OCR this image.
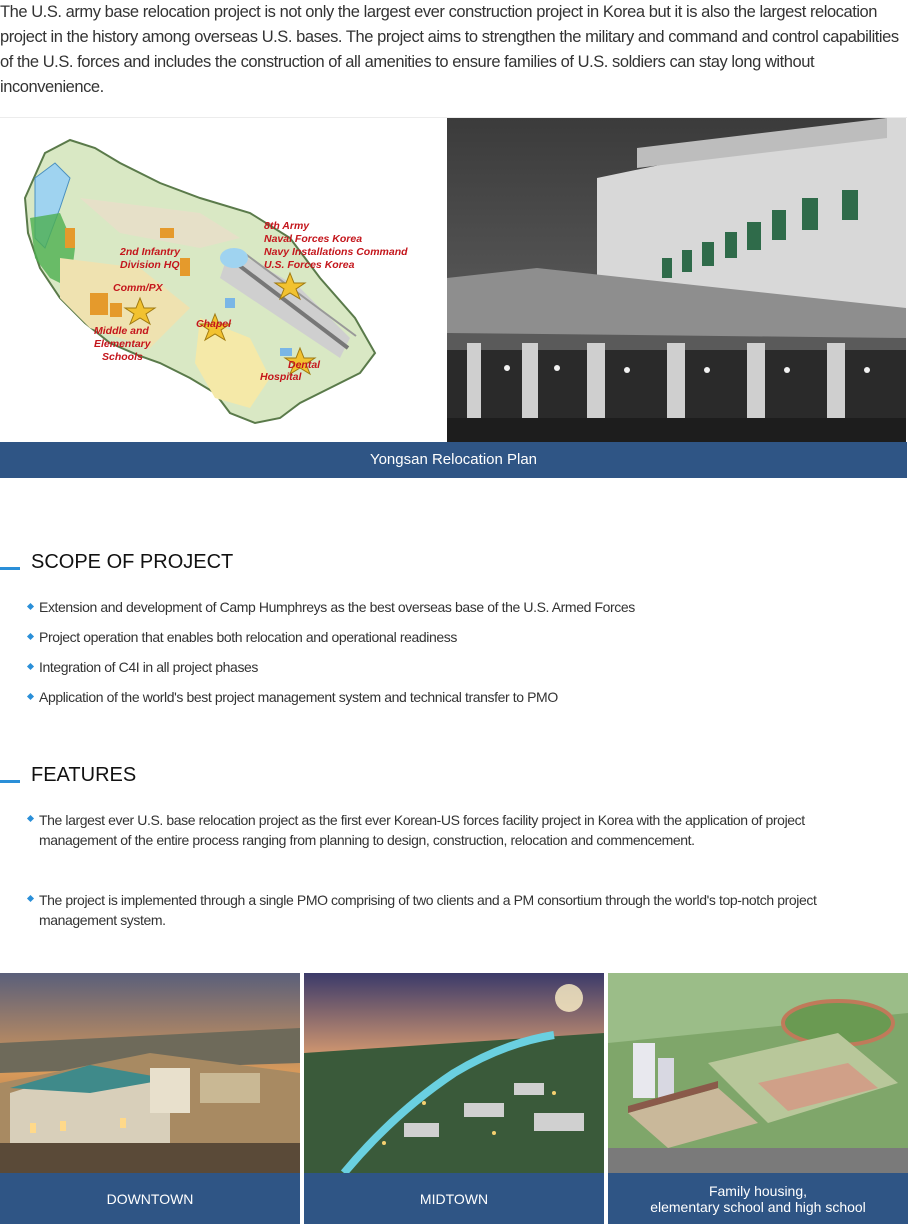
The U.S. army base relocation project is not only the largest ever construction project in Korea but it is also the largest relocation project in the history among overseas U.S. bases. The project aims to strengthen the military and command and control capabilities of the U.S. forces and includes the construction of all amenities to ensure families of U.S. soldiers can stay long without inconvenience.

8th Army
Naval Forces Korea
Navy Installations Command
U.S. Forces Korea
2nd Infantry
Division HQ
Comm/PX
Chapel
Middle and
Elementary
Schools
Dental
Hospital
Yongsan Relocation Plan
SCOPE OF PROJECT
Extension and development of Camp Humphreys as the best overseas base of the U.S. Armed Forces
Project operation that enables both relocation and operational readiness
Integration of C4I in all project phases
Application of the world's best project management system and technical transfer to PMO
FEATURES
The largest ever U.S. base relocation project as the first ever Korean-US forces facility project in Korea with the application of project  management of the entire process ranging from planning to design, construction, relocation and commencement.
The project is implemented through a single PMO comprising of two clients and a PM consortium through the world's top-notch project management system.
DOWNTOWN	MIDTOWN	Family housing,
elementary school and high school
